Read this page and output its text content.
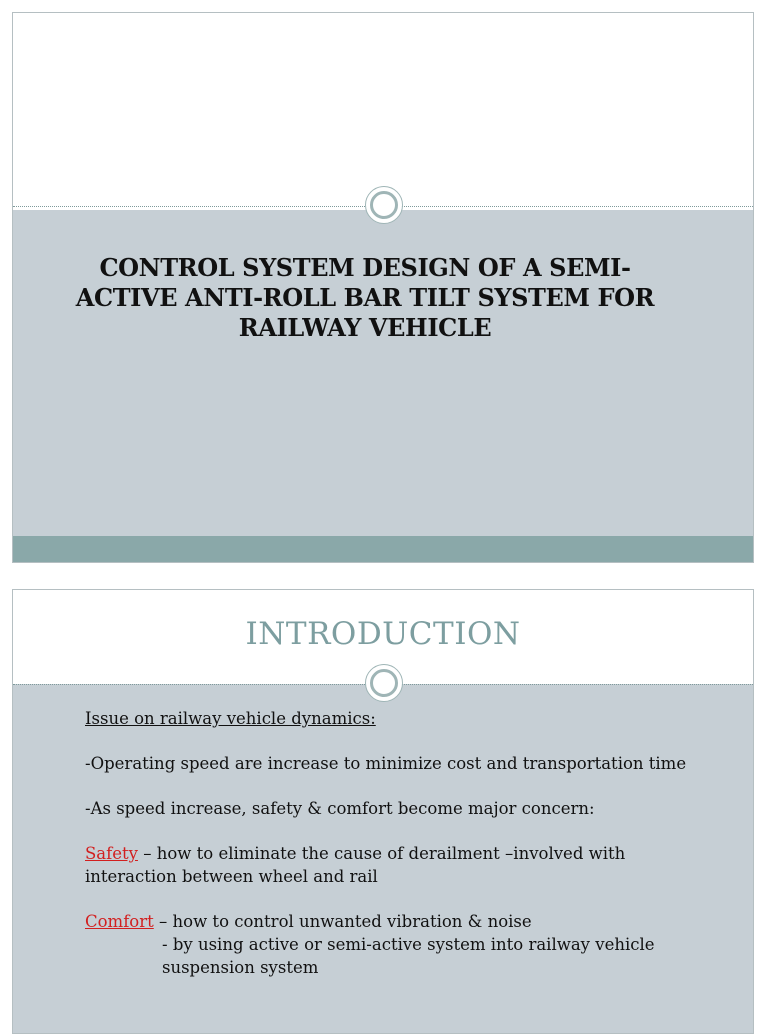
CONTROL SYSTEM DESIGN OF A SEMI-
ACTIVE ANTI-ROLL BAR TILT SYSTEM FOR
RAILWAY VEHICLE
INTRODUCTION

Issue on railway vehicle dynamics:

-Operating speed are increase to minimize cost and transportation time

-As speed increase, safety & comfort become major concern:

Safety – how to eliminate the cause of derailment –involved with

interaction between wheel and rail

Comfort – how to control unwanted vibration & noise

- by using active or semi-active system into railway vehicle

suspension system
